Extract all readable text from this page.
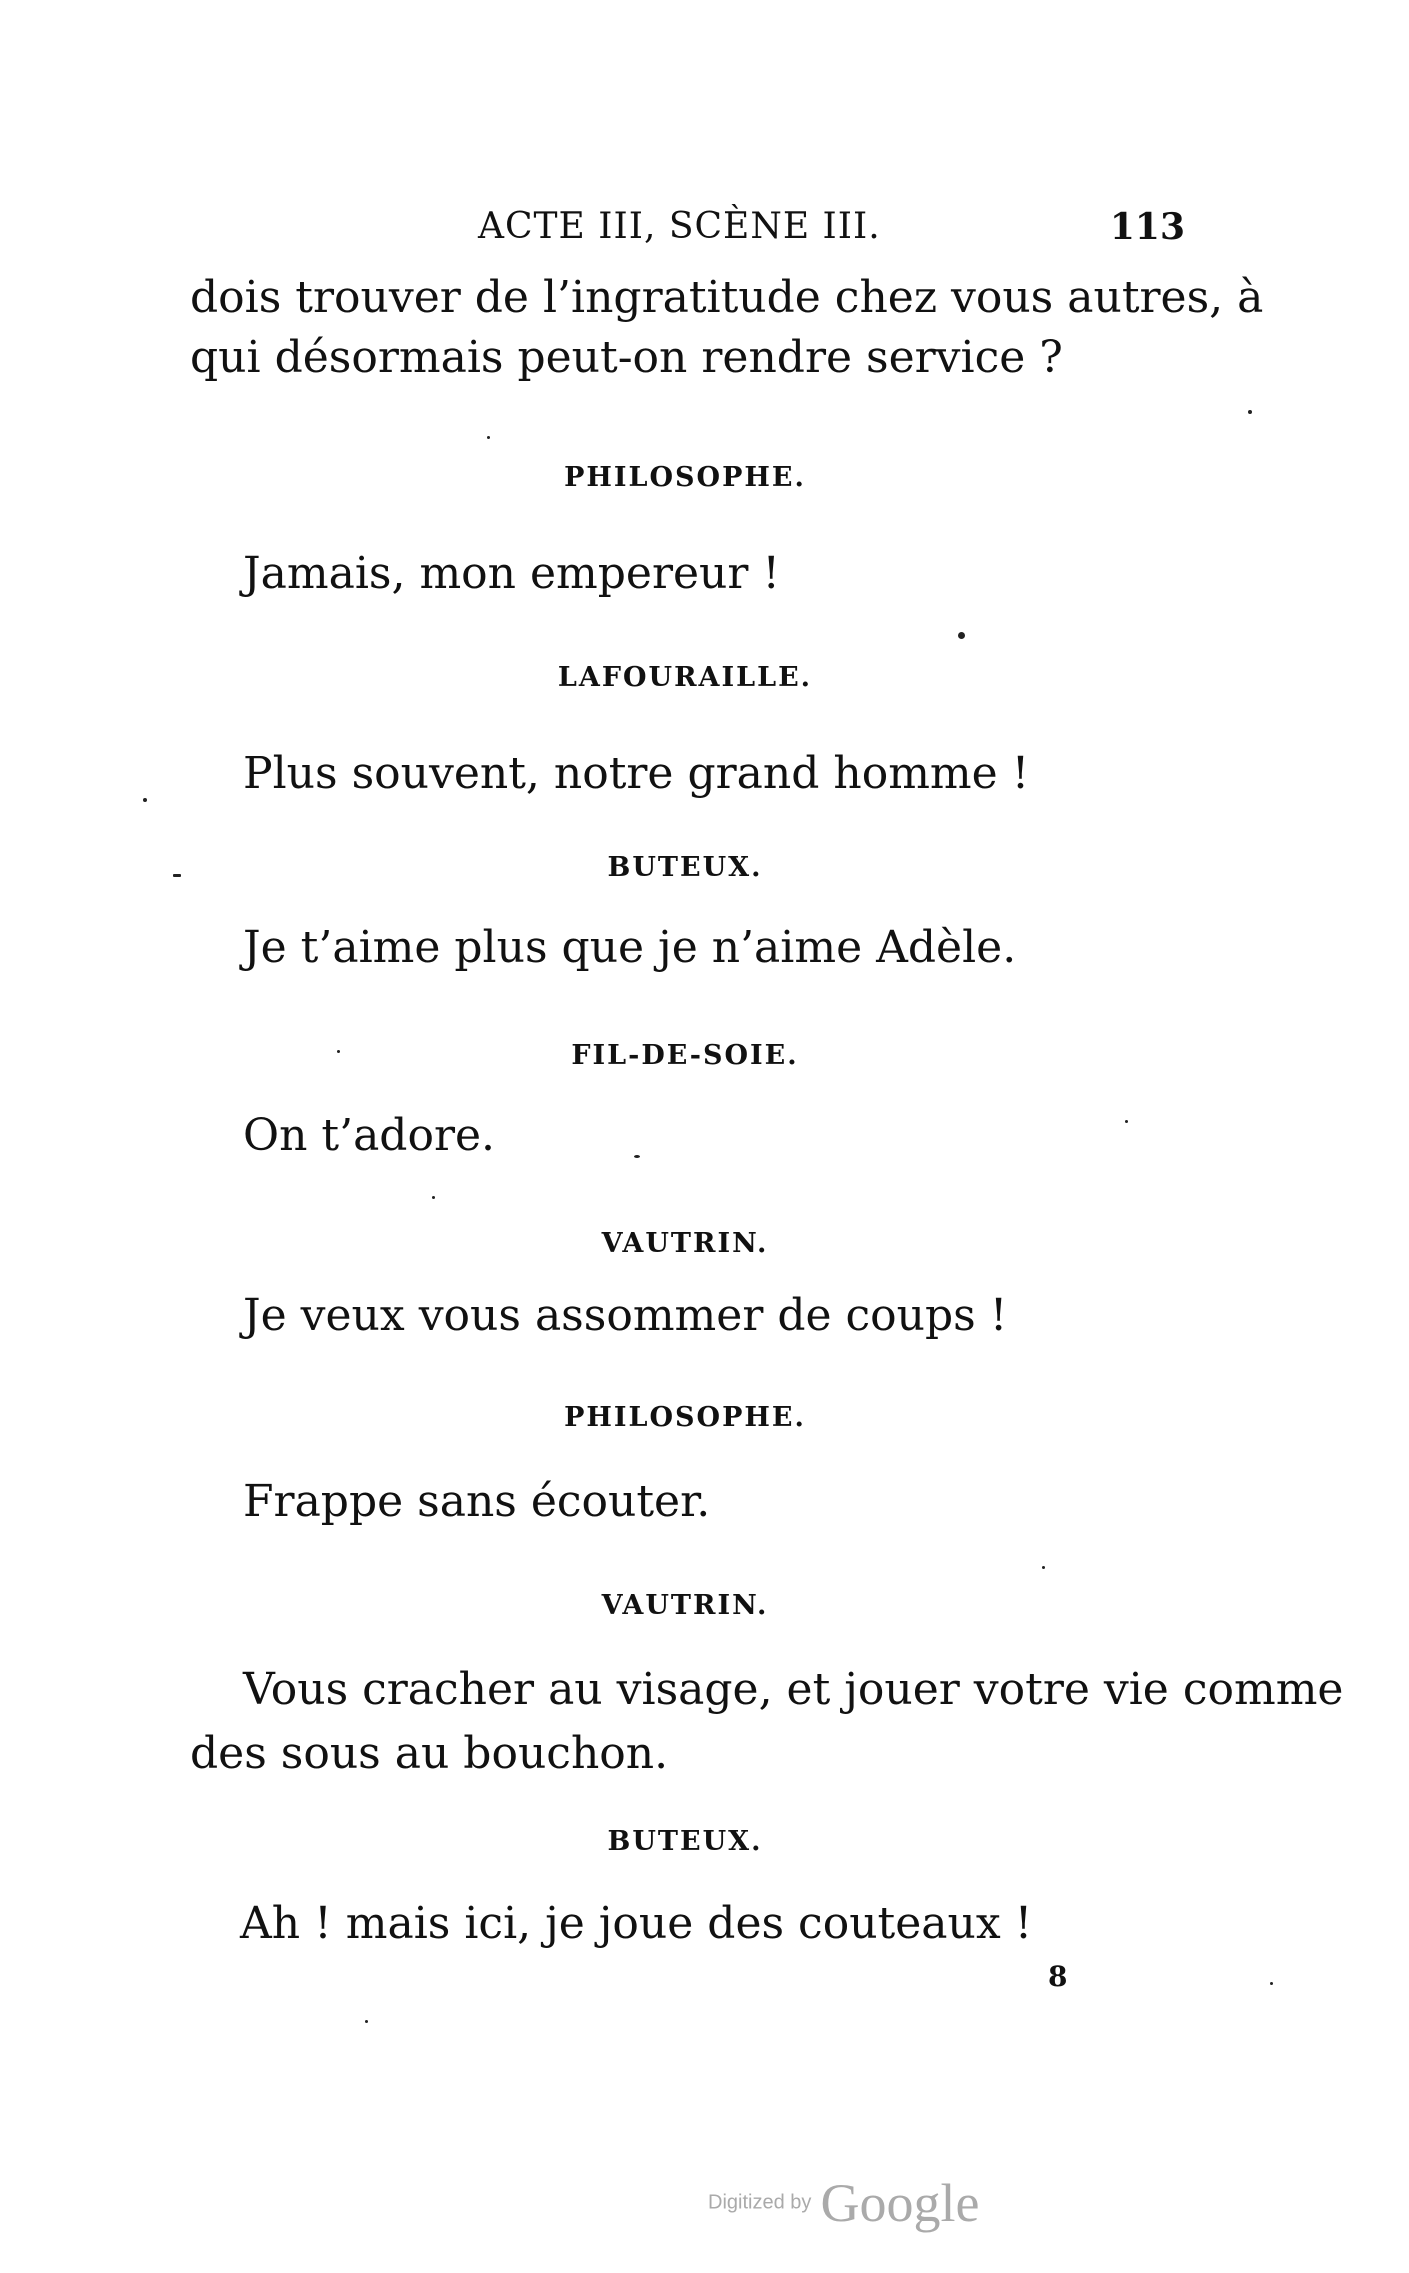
ACTE III, SCÈNE III.	113
dois trouver de l’ingratitude chez vous autres, à
qui désormais peut-on rendre service ?
PHILOSOPHE.
Jamais, mon empereur !
LAFOURAILLE.
Plus souvent, notre grand homme !
BUTEUX.
Je t’aime plus que je n’aime Adèle.
FIL-DE-SOIE.
On t’adore.
VAUTRIN.
Je veux vous assommer de coups !
PHILOSOPHE.
Frappe sans écouter.
VAUTRIN.
Vous cracher au visage, et jouer votre vie comme
des sous au bouchon.
BUTEUX.
Ah ! mais ici, je joue des couteaux !
8
Digitized by Google
